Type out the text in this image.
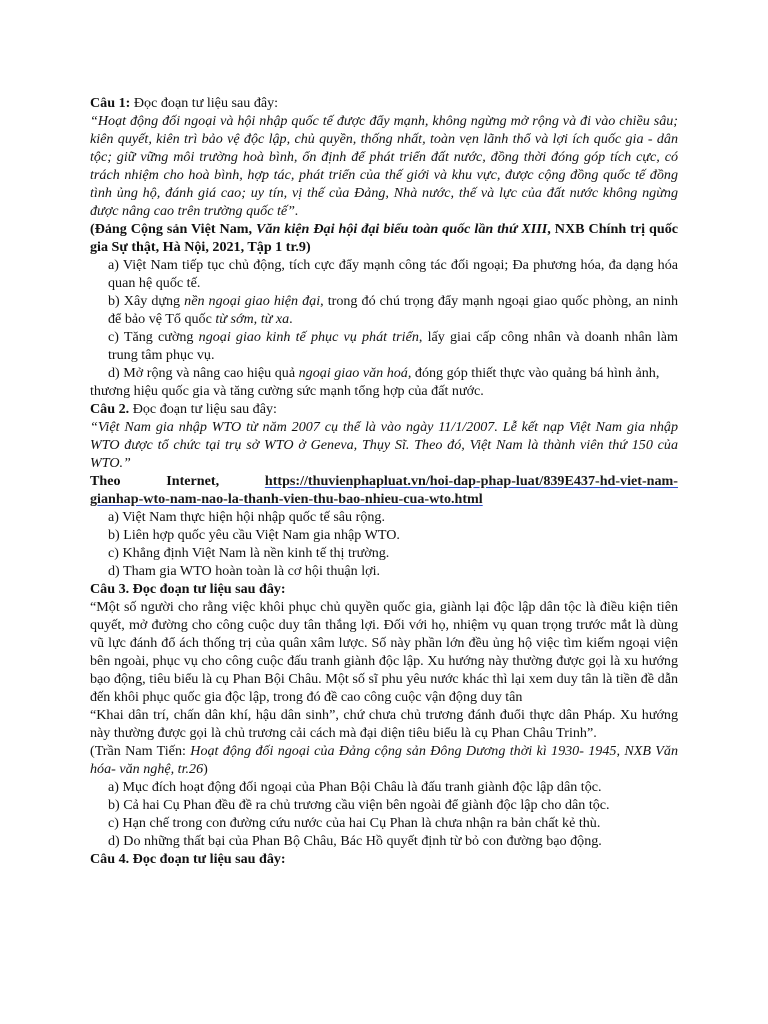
Câu 1: Đọc đoạn tư liệu sau đây:

“Hoạt động đối ngoại và hội nhập quốc tế được đẩy mạnh, không ngừng mở rộng và đi vào chiều sâu; kiên quyết, kiên trì bảo vệ độc lập, chủ quyền, thống nhất, toàn vẹn lãnh thổ và lợi ích quốc gia - dân tộc; giữ vững môi trường hoà bình, ổn định để phát triển đất nước, đồng thời đóng góp tích cực, có trách nhiệm cho hoà bình, hợp tác, phát triển của thế giới và khu vực, được cộng đồng quốc tế đồng tình ủng hộ, đánh giá cao; uy tín, vị thế của Đảng, Nhà nước, thế và lực của đất nước không ngừng được nâng cao trên trường quốc tế”.

(Đảng Cộng sản Việt Nam, Văn kiện Đại hội đại biểu toàn quốc lần thứ XIII, NXB Chính trị quốc gia Sự thật, Hà Nội, 2021, Tập 1 tr.9)

a) Việt Nam tiếp tục chủ động, tích cực đẩy mạnh công tác đối ngoại; Đa phương hóa, đa dạng hóa quan hệ quốc tế.

b) Xây dựng nền ngoại giao hiện đại, trong đó chú trọng đẩy mạnh ngoại giao quốc phòng, an ninh để bảo vệ Tổ quốc từ sớm, từ xa.

c) Tăng cường ngoại giao kinh tế phục vụ phát triển, lấy giai cấp công nhân và doanh nhân làm trung tâm phục vụ.

d) Mở rộng và nâng cao hiệu quả ngoại giao văn hoá, đóng góp thiết thực vào quảng bá hình ảnh,

thương hiệu quốc gia và tăng cường sức mạnh tổng hợp của đất nước.

Câu 2. Đọc đoạn tư liệu sau đây:

“Việt Nam gia nhập WTO từ năm 2007 cụ thể là vào ngày 11/1/2007. Lễ kết nạp Việt Nam gia nhập WTO được tổ chức tại trụ sở WTO ở Geneva, Thụy Sĩ. Theo đó, Việt Nam là thành viên thứ 150 của WTO.”

Theo	Internet,	https://thuvienphapluat.vn/hoi-dap-phap-luat/839E437-hd-viet-nam-

gianhap-wto-nam-nao-la-thanh-vien-thu-bao-nhieu-cua-wto.html

a) Việt Nam thực hiện hội nhập quốc tế sâu rộng.

b) Liên hợp quốc yêu cầu Việt Nam gia nhập WTO.

c) Khẳng định Việt Nam là nền kinh tế thị trường.

d) Tham gia WTO hoàn toàn là cơ hội thuận lợi.

Câu 3. Đọc đoạn tư liệu sau đây:

“Một số người cho rằng việc khôi phục chủ quyền quốc gia, giành lại độc lập dân tộc là điều kiện tiên quyết, mở đường cho công cuộc duy tân thắng lợi. Đối với họ, nhiệm vụ quan trọng trước mắt là dùng vũ lực đánh đổ ách thống trị của quân xâm lược. Số này phần lớn đều ủng hộ việc tìm kiếm ngoại viện bên ngoài, phục vụ cho công cuộc đấu tranh giành độc lập. Xu hướng này thường được gọi là xu hướng bạo động, tiêu biểu là cụ Phan Bội Châu. Một số sĩ phu yêu nước khác thì lại xem duy tân là tiền đề dẫn đến khôi phục quốc gia độc lập, trong đó đề cao công cuộc vận động duy tân

“Khai dân trí, chấn dân khí, hậu dân sinh”, chứ chưa chủ trương đánh đuổi thực dân Pháp. Xu hướng này thường được gọi là chủ trương cải cách mà đại diện tiêu biểu là cụ Phan Châu Trinh”.

(Trần Nam Tiến: Hoạt động đối ngoại của Đảng cộng sản Đông Dương thời kì 1930- 1945, NXB Văn hóa- văn nghệ, tr.26)

a) Mục đích hoạt động đối ngoại của Phan Bội Châu là đấu tranh giành độc lập dân tộc.

b) Cả hai Cụ Phan đều đề ra chủ trương cầu viện bên ngoài để giành độc lập cho dân tộc.

c) Hạn chế trong con đường cứu nước của hai Cụ Phan là chưa nhận ra bản chất kẻ thù.

d) Do những thất bại của Phan Bộ Châu, Bác Hồ quyết định từ bỏ con đường bạo động.

Câu 4. Đọc đoạn tư liệu sau đây:
